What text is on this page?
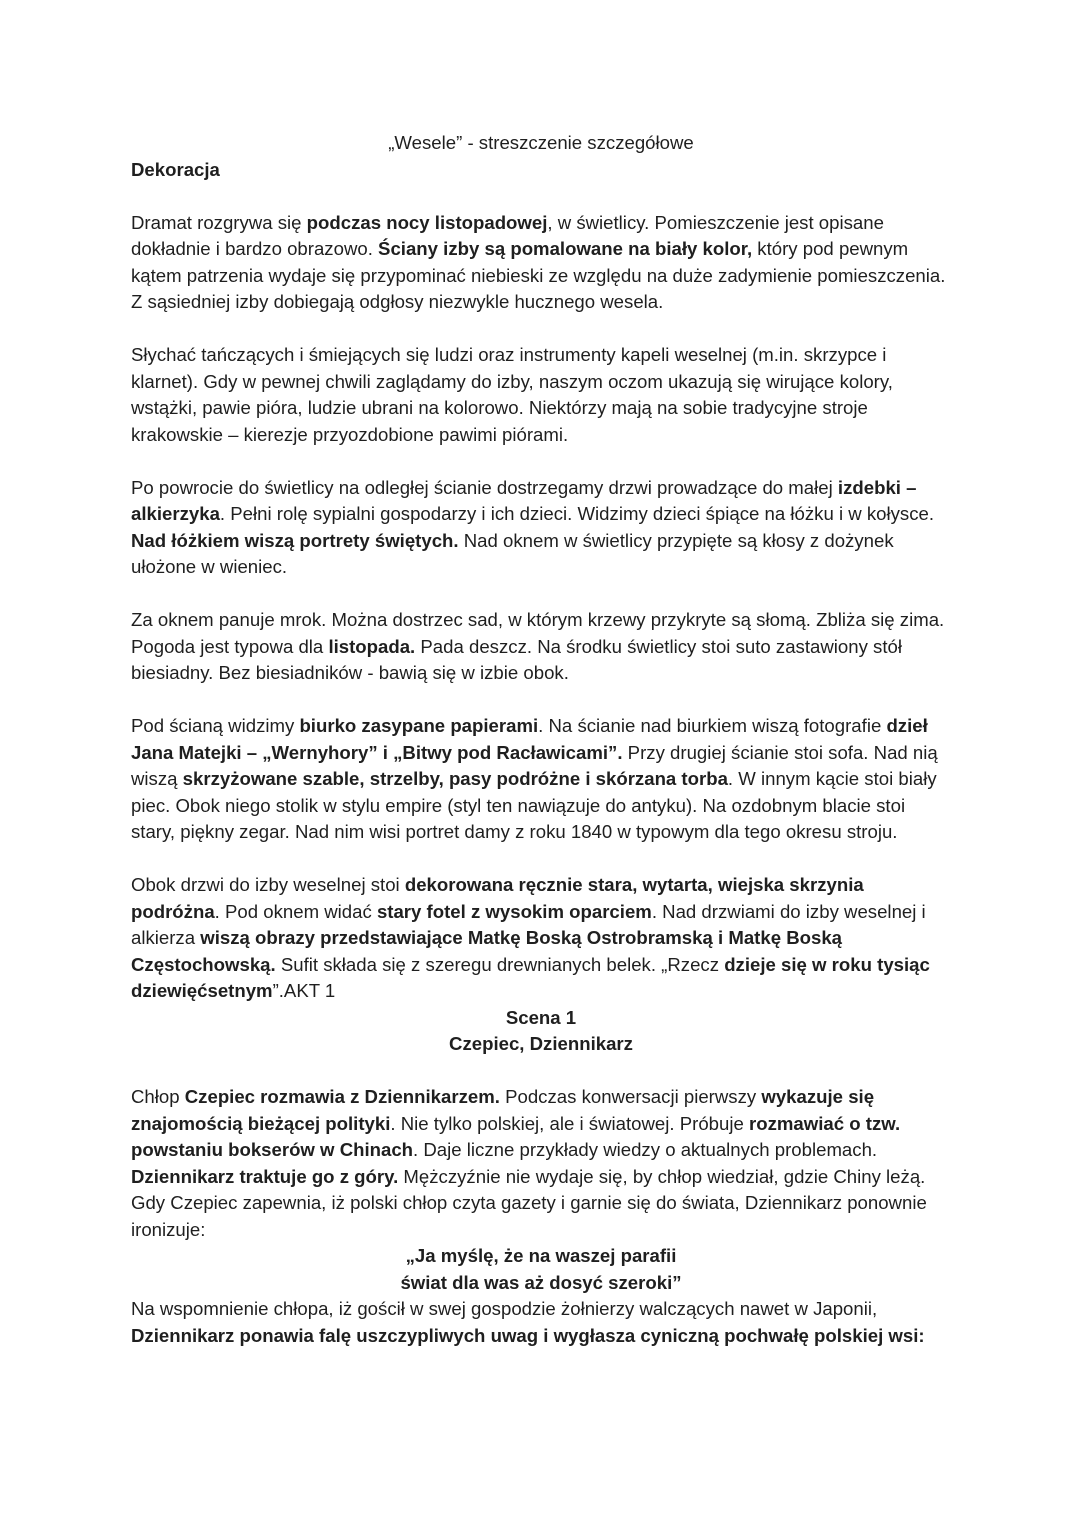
„Wesele” - streszczenie szczegółowe
Dekoracja

Dramat rozgrywa się podczas nocy listopadowej, w świetlicy. Pomieszczenie jest opisane dokładnie i bardzo obrazowo. Ściany izby są pomalowane na biały kolor, który pod pewnym kątem patrzenia wydaje się przypominać niebieski ze względu na duże zadymienie pomieszczenia. Z sąsiedniej izby dobiegają odgłosy niezwykle hucznego wesela.

Słychać tańczących i śmiejących się ludzi oraz instrumenty kapeli weselnej (m.in. skrzypce i klarnet). Gdy w pewnej chwili zaglądamy do izby, naszym oczom ukazują się wirujące kolory, wstążki, pawie pióra, ludzie ubrani na kolorowo. Niektórzy mają na sobie tradycyjne stroje krakowskie – kierezje przyozdobione pawimi piórami.

Po powrocie do świetlicy na odległej ścianie dostrzegamy drzwi prowadzące do małej izdebki – alkierzyka. Pełni rolę sypialni gospodarzy i ich dzieci. Widzimy dzieci śpiące na łóżku i w kołysce. Nad łóżkiem wiszą portrety świętych. Nad oknem w świetlicy przypięte są kłosy z dożynek ułożone w wieniec.

Za oknem panuje mrok. Można dostrzec sad, w którym krzewy przykryte są słomą. Zbliża się zima. Pogoda jest typowa dla listopada. Pada deszcz. Na środku świetlicy stoi suto zastawiony stół biesiadny. Bez biesiadników - bawią się w izbie obok.

Pod ścianą widzimy biurko zasypane papierami. Na ścianie nad biurkiem wiszą fotografie dzieł Jana Matejki – „Wernyhory” i „Bitwy pod Racławicami”. Przy drugiej ścianie stoi sofa. Nad nią wiszą skrzyżowane szable, strzelby, pasy podróżne i skórzana torba. W innym kącie stoi biały piec. Obok niego stolik w stylu empire (styl ten nawiązuje do antyku). Na ozdobnym blacie stoi stary, piękny zegar. Nad nim wisi portret damy z roku 1840 w typowym dla tego okresu stroju.

Obok drzwi do izby weselnej stoi dekorowana ręcznie stara, wytarta, wiejska skrzynia podróżna. Pod oknem widać stary fotel z wysokim oparciem. Nad drzwiami do izby weselnej i alkierza wiszą obrazy przedstawiające Matkę Boską Ostrobramską i Matkę Boską Częstochowską. Sufit składa się z szeregu drewnianych belek. „Rzecz dzieje się w roku tysiąc dziewięćsetnym”.AKT 1

Scena 1
Czepiec, Dziennikarz

Chłop Czepiec rozmawia z Dziennikarzem. Podczas konwersacji pierwszy wykazuje się znajomością bieżącej polityki. Nie tylko polskiej, ale i światowej. Próbuje rozmawiać o tzw. powstaniu bokserów w Chinach. Daje liczne przykłady wiedzy o aktualnych problemach. Dziennikarz traktuje go z góry. Mężczyźnie nie wydaje się, by chłop wiedział, gdzie Chiny leżą. Gdy Czepiec zapewnia, iż polski chłop czyta gazety i garnie się do świata, Dziennikarz ponownie ironizuje:

„Ja myślę, że na waszej parafii
świat dla was aż dosyć szeroki”

Na wspomnienie chłopa, iż gościł w swej gospodzie żołnierzy walczących nawet w Japonii, Dziennikarz ponawia falę uszczypliwych uwag i wygłasza cyniczną pochwałę polskiej wsi:
